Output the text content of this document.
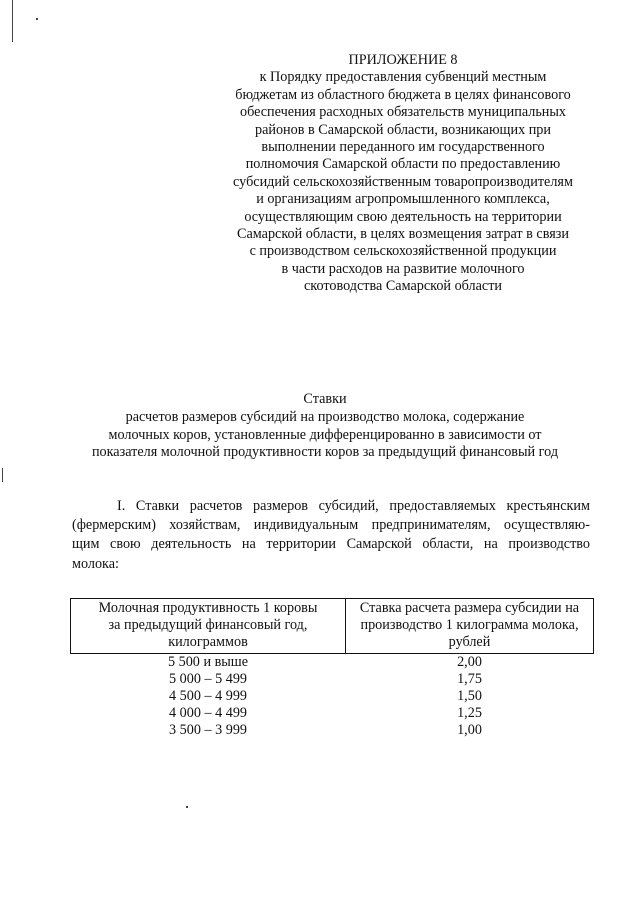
ПРИЛОЖЕНИЕ 8
к Порядку предоставления субвенций местным
бюджетам из областного бюджета в целях финансового
обеспечения расходных обязательств муниципальных
районов в Самарской области, возникающих при
выполнении переданного им государственного
полномочия Самарской области по предоставлению
субсидий сельскохозяйственным товаропроизводителям
и организациям агропромышленного комплекса,
осуществляющим свою деятельность на территории
Самарской области, в целях возмещения затрат в связи
с производством сельскохозяйственной продукции
в части расходов на развитие молочного
скотоводства Самарской области
Ставки
расчетов размеров субсидий на производство молока, содержание
молочных коров, установленные дифференцированно в зависимости от
показателя молочной продуктивности коров за предыдущий финансовый год
I. Ставки расчетов размеров субсидий, предоставляемых крестьянским
(фермерским) хозяйствам, индивидуальным предпринимателям, осуществляю-
щим свою деятельность на территории Самарской области, на производство
молока:
Молочная продуктивность 1 коровы
за предыдущий финансовый год,
килограммов	Ставка расчета размера субсидии на
производство 1 килограмма молока,
рублей

5 500 и выше	2,00
5 000 – 5 499	1,75
4 500 – 4 999	1,50
4 000 – 4 499	1,25
3 500 – 3 999	1,00
